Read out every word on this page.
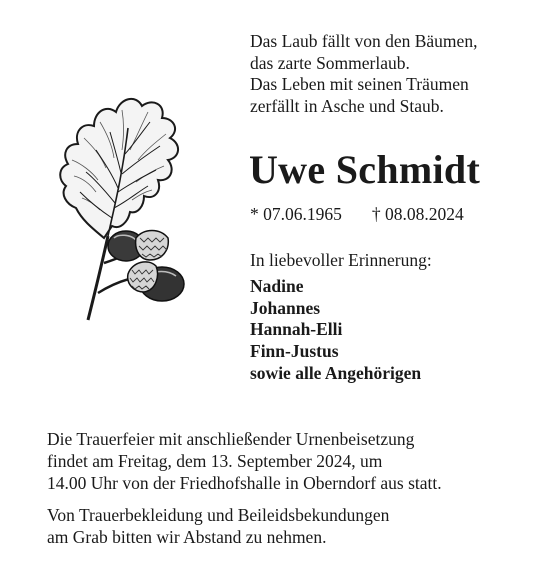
Das Laub fällt von den Bäumen,
das zarte Sommerlaub.
Das Leben mit seinen Träumen
zerfällt in Asche und Staub.
Uwe Schmidt
* 07.06.1965 † 08.08.2024
In liebevoller Erinnerung:
Nadine
Johannes
Hannah-Elli
Finn-Justus
sowie alle Angehörigen
Die Trauerfeier mit anschließender Urnenbeisetzung
findet am Freitag, dem 13. September 2024, um
14.00 Uhr von der Friedhofshalle in Oberndorf aus statt.
Von Trauerbekleidung und Beileidsbekundungen
am Grab bitten wir Abstand zu nehmen.
